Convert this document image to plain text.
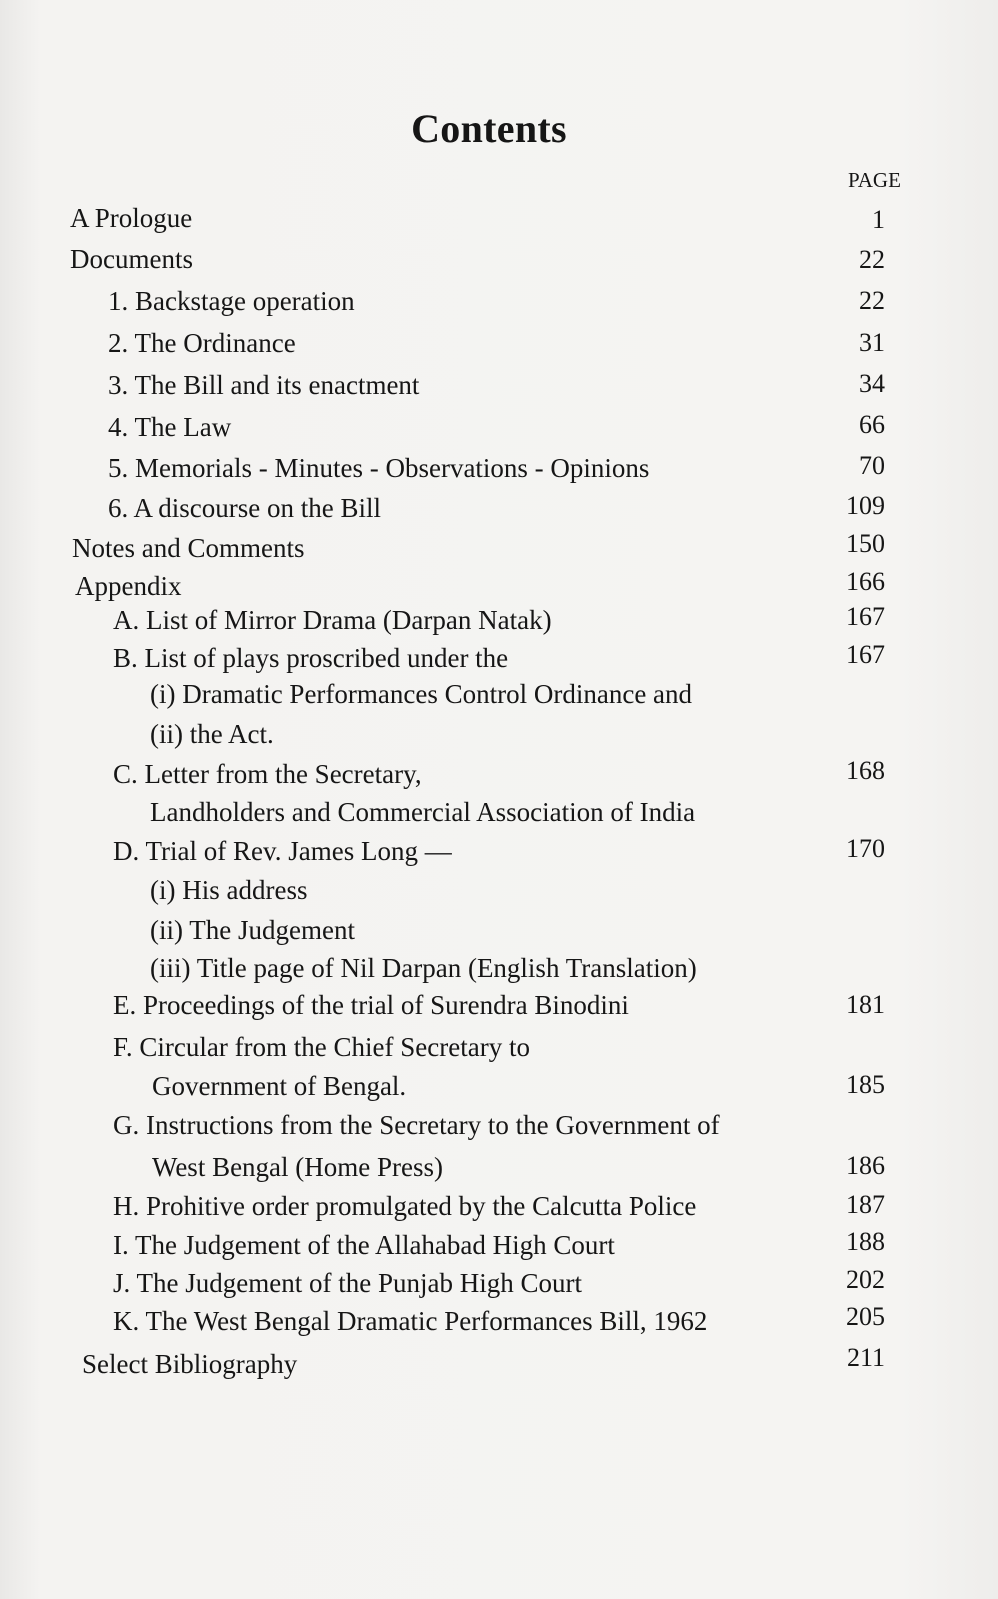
Contents
PAGE
A Prologue	1
Documents	22
1. Backstage operation	22
2. The Ordinance	31
3. The Bill and its enactment	34
4. The Law	66
5. Memorials - Minutes - Observations - Opinions	70
6. A discourse on the Bill	109
Notes and Comments	150
Appendix	166
A. List of Mirror Drama (Darpan Natak)	167
B. List of plays proscribed under the	167
(i) Dramatic Performances Control Ordinance and
(ii) the Act.
C. Letter from the Secretary,	168
Landholders and Commercial Association of India
D. Trial of Rev. James Long —	170
(i) His address
(ii) The Judgement
(iii) Title page of Nil Darpan (English Translation)
E. Proceedings of the trial of Surendra Binodini	181
F. Circular from the Chief Secretary to
Government of Bengal.	185
G. Instructions from the Secretary to the Government of
West Bengal (Home Press)	186
H. Prohitive order promulgated by the Calcutta Police	187
I. The Judgement of the Allahabad High Court	188
J. The Judgement of the Punjab High Court	202
K. The West Bengal Dramatic Performances Bill, 1962	205
Select Bibliography	211
